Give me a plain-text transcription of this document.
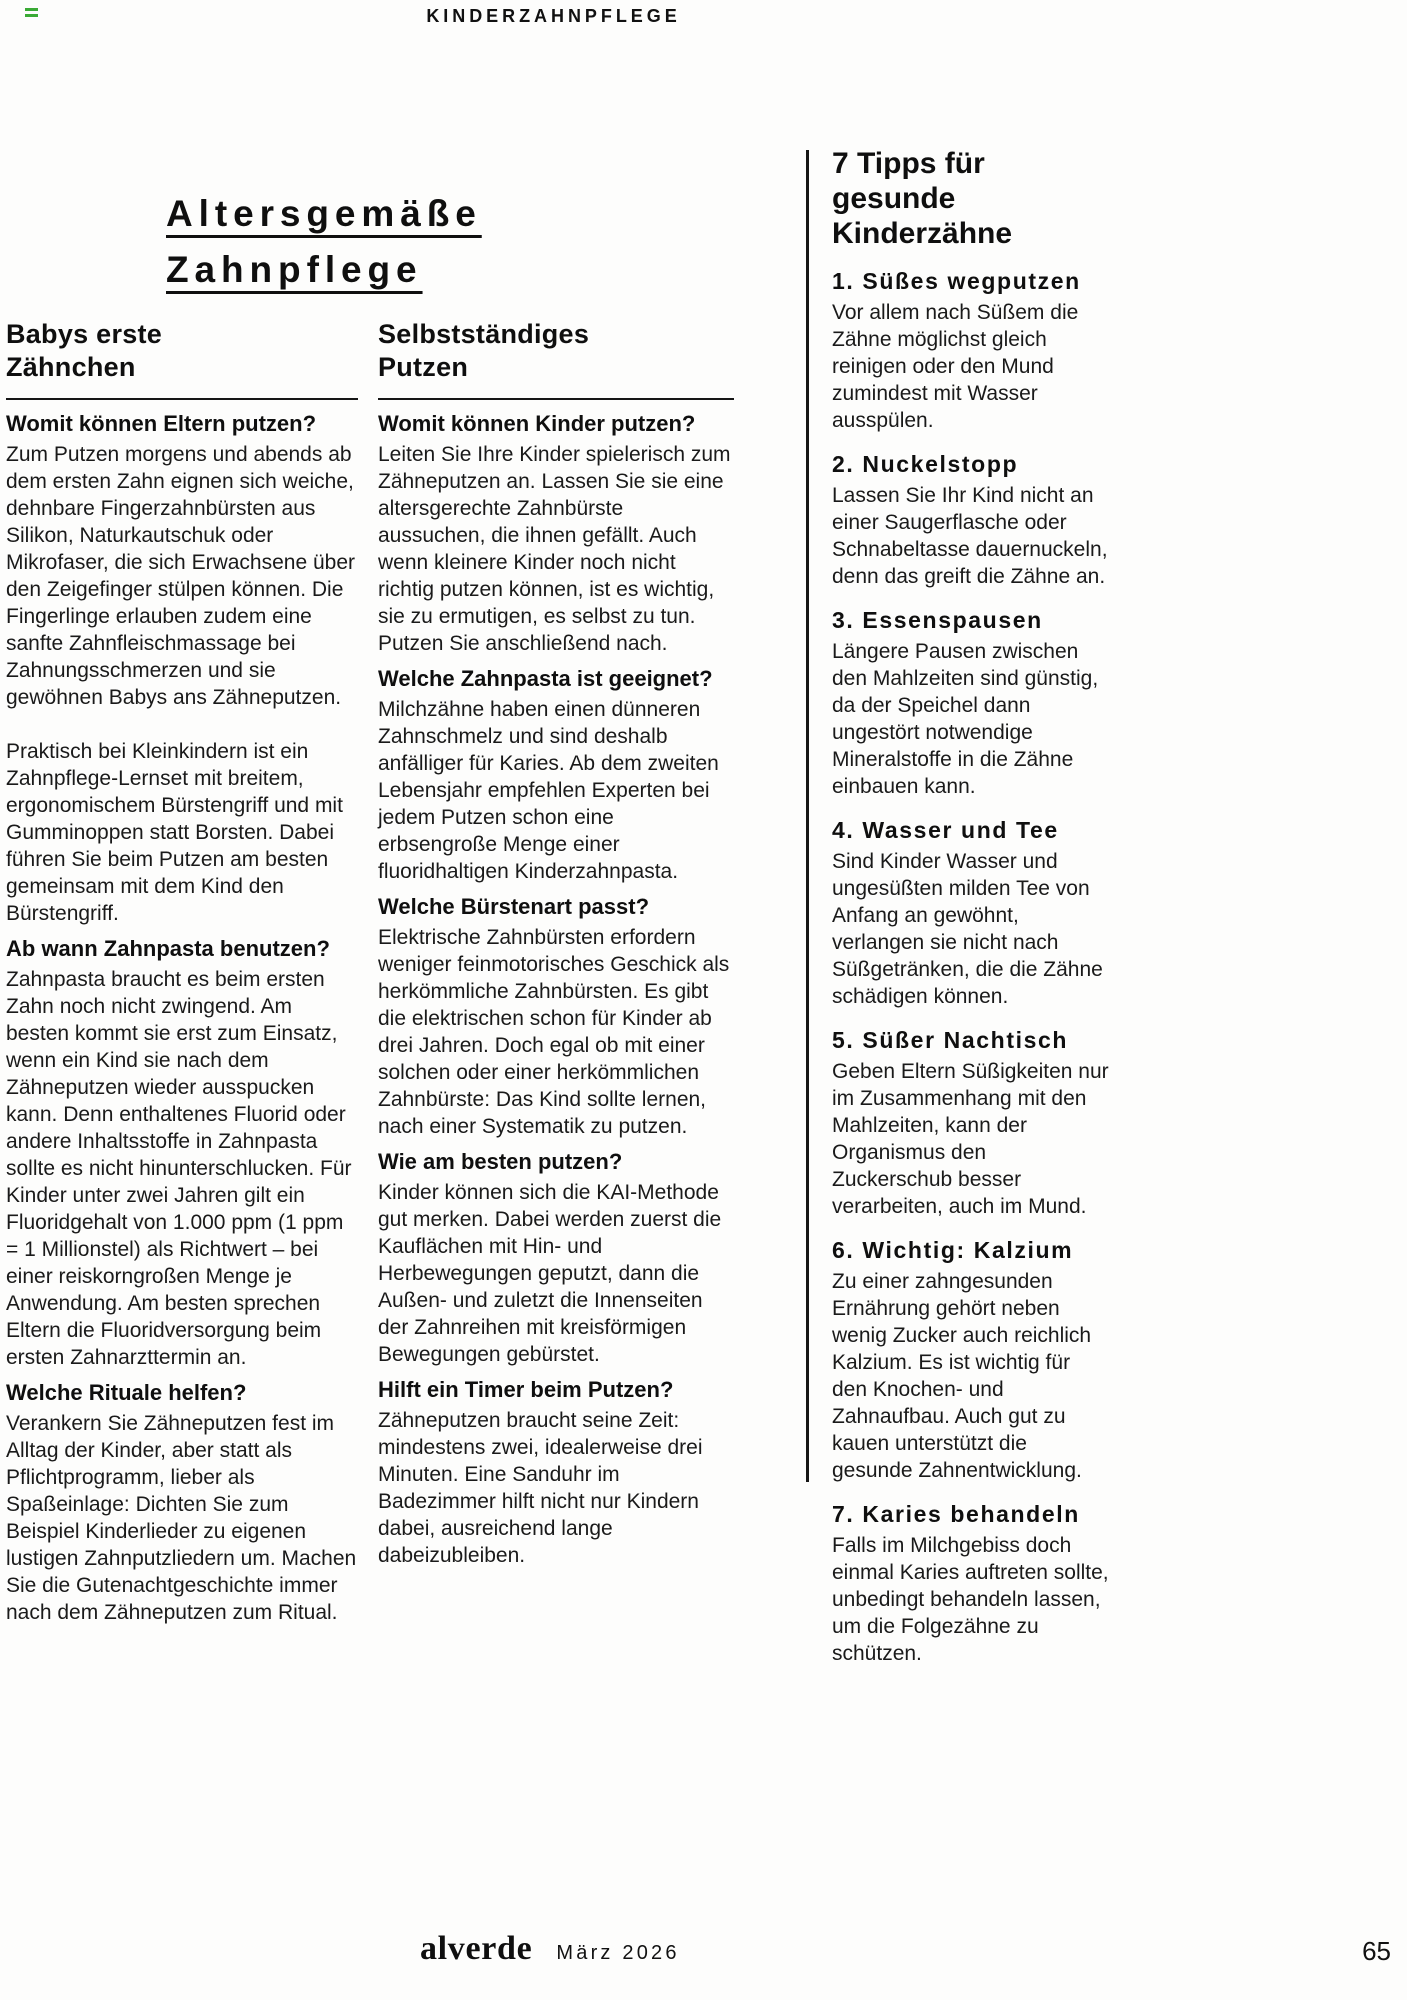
KINDERZAHNPFLEGE
Altersgemäße Zahnpflege
Babys erste Zähnchen
Womit können Eltern putzen?

Zum Putzen morgens und abends ab dem ersten Zahn eignen sich weiche, dehnbare Fingerzahnbürsten aus Silikon, Naturkautschuk oder Mikrofaser, die sich Erwachsene über den Zeigefinger stülpen können. Die Fingerlinge erlauben zudem eine sanfte Zahnfleischmassage bei Zahnungsschmerzen und sie gewöhnen Babys ans Zähneputzen.

Praktisch bei Kleinkindern ist ein Zahnpflege-Lernset mit breitem, ergonomischem Bürstengriff und mit Gumminoppen statt Borsten. Dabei führen Sie beim Putzen am besten gemeinsam mit dem Kind den Bürstengriff.

Ab wann Zahnpasta benutzen?

Zahnpasta braucht es beim ersten Zahn noch nicht zwingend. Am besten kommt sie erst zum Einsatz, wenn ein Kind sie nach dem Zähneputzen wieder ausspucken kann. Denn enthaltenes Fluorid oder andere Inhaltsstoffe in Zahnpasta sollte es nicht hinunterschlucken. Für Kinder unter zwei Jahren gilt ein Fluoridgehalt von 1.000 ppm (1 ppm = 1 Millionstel) als Richtwert – bei einer reiskorngroßen Menge je Anwendung. Am besten sprechen Eltern die Fluoridversorgung beim ersten Zahnarzttermin an.

Welche Rituale helfen?

Verankern Sie Zähneputzen fest im Alltag der Kinder, aber statt als Pflichtprogramm, lieber als Spaßeinlage: Dichten Sie zum Beispiel Kinderlieder zu eigenen lustigen Zahnputzliedern um. Machen Sie die Gutenachtgeschichte immer nach dem Zähneputzen zum Ritual.

Selbstständiges Putzen
Womit können Kinder putzen?

Leiten Sie Ihre Kinder spielerisch zum Zähneputzen an. Lassen Sie sie eine altersgerechte Zahnbürste aussuchen, die ihnen gefällt. Auch wenn kleinere Kinder noch nicht richtig putzen können, ist es wichtig, sie zu ermutigen, es selbst zu tun. Putzen Sie anschließend nach.

Welche Zahnpasta ist geeignet?

Milchzähne haben einen dünneren Zahnschmelz und sind deshalb anfälliger für Karies. Ab dem zweiten Lebensjahr empfehlen Experten bei jedem Putzen schon eine erbsengroße Menge einer fluoridhaltigen Kinderzahnpasta.

Welche Bürstenart passt?

Elektrische Zahnbürsten erfordern weniger feinmotorisches Geschick als herkömmliche Zahnbürsten. Es gibt die elektrischen schon für Kinder ab drei Jahren. Doch egal ob mit einer solchen oder einer herkömmlichen Zahnbürste: Das Kind sollte lernen, nach einer Systematik zu putzen.

Wie am besten putzen?

Kinder können sich die KAI-Methode gut merken. Dabei werden zuerst die Kauflächen mit Hin- und Herbewegungen geputzt, dann die Außen- und zuletzt die Innenseiten der Zahnreihen mit kreisförmigen Bewegungen gebürstet.

Hilft ein Timer beim Putzen?

Zähneputzen braucht seine Zeit: mindestens zwei, idealerweise drei Minuten. Eine Sanduhr im Badezimmer hilft nicht nur Kindern dabei, ausreichend lange dabeizubleiben.

7 Tipps für gesunde Kinderzähne
1. Süßes wegputzen

Vor allem nach Süßem die Zähne möglichst gleich reinigen oder den Mund zumindest mit Wasser ausspülen.

2. Nuckelstopp

Lassen Sie Ihr Kind nicht an einer Saugerflasche oder Schnabeltasse dauernuckeln, denn das greift die Zähne an.

3. Essenspausen

Längere Pausen zwischen den Mahlzeiten sind günstig, da der Speichel dann ungestört notwendige Mineralstoffe in die Zähne einbauen kann.

4. Wasser und Tee

Sind Kinder Wasser und ungesüßten milden Tee von Anfang an gewöhnt, verlangen sie nicht nach Süßgetränken, die die Zähne schädigen können.

5. Süßer Nachtisch

Geben Eltern Süßigkeiten nur im Zusammenhang mit den Mahlzeiten, kann der Organismus den Zuckerschub besser verarbeiten, auch im Mund.

6. Wichtig: Kalzium

Zu einer zahngesunden Ernährung gehört neben wenig Zucker auch reichlich Kalzium. Es ist wichtig für den Knochen- und Zahnaufbau. Auch gut zu kauen unterstützt die gesunde Zahnentwicklung.

7. Karies behandeln

Falls im Milchgebiss doch einmal Karies auftreten sollte, unbedingt behandeln lassen, um die Folgezähne zu schützen.

alverde März 2026	65
